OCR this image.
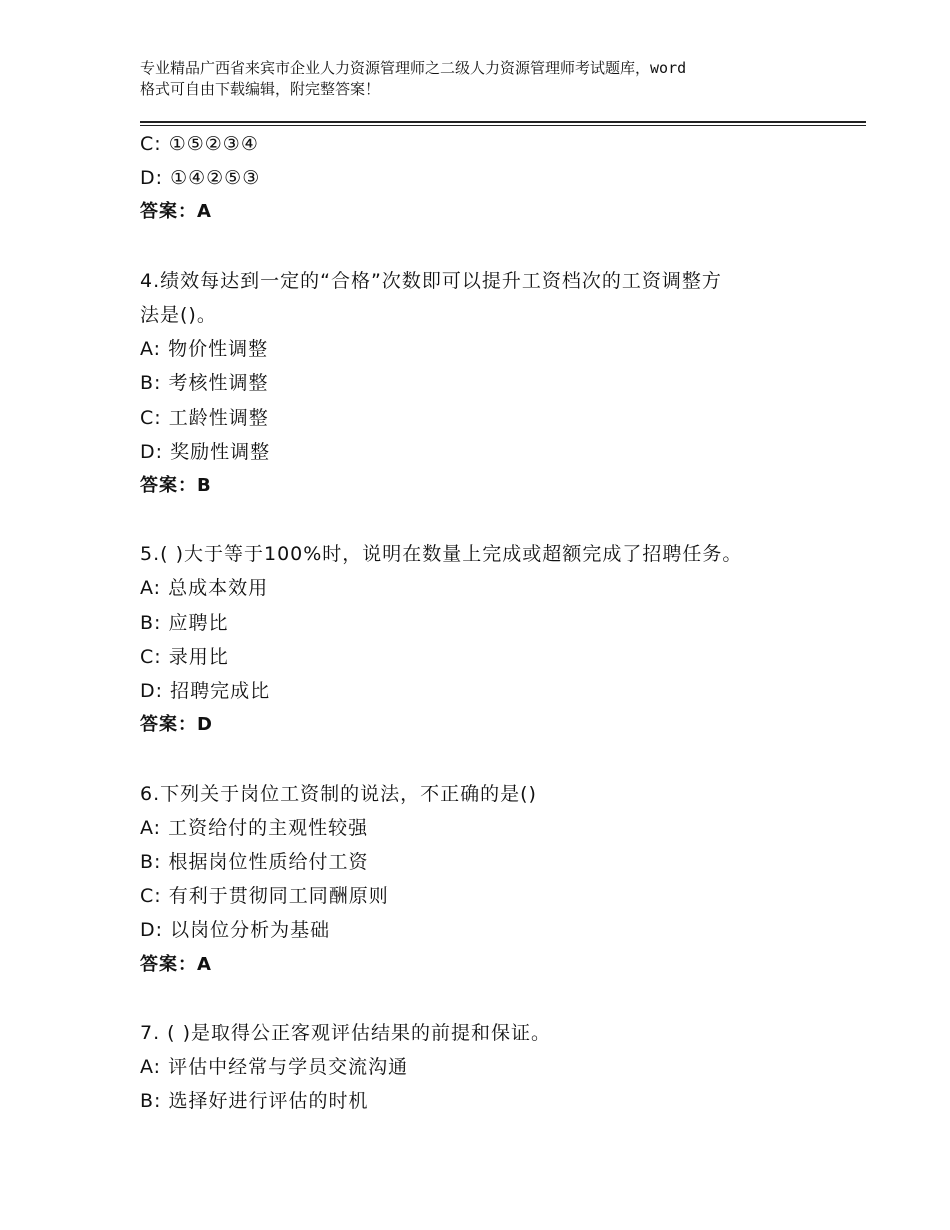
专业精品广西省来宾市企业人力资源管理师之二级人力资源管理师考试题库，word
格式可自由下载编辑，附完整答案！
C: ①⑤②③④
D: ①④②⑤③
答案：A
4.绩效每达到一定的“合格”次数即可以提升工资档次的工资调整方
法是()。
A: 物价性调整
B: 考核性调整
C: 工龄性调整
D: 奖励性调整
答案：B
5.( )大于等于100%时，说明在数量上完成或超额完成了招聘任务。
A: 总成本效用
B: 应聘比
C: 录用比
D: 招聘完成比
答案：D
6.下列关于岗位工资制的说法，不正确的是()
A: 工资给付的主观性较强
B: 根据岗位性质给付工资
C: 有利于贯彻同工同酬原则
D: 以岗位分析为基础
答案：A
7. ( )是取得公正客观评估结果的前提和保证。
A: 评估中经常与学员交流沟通
B: 选择好进行评估的时机
